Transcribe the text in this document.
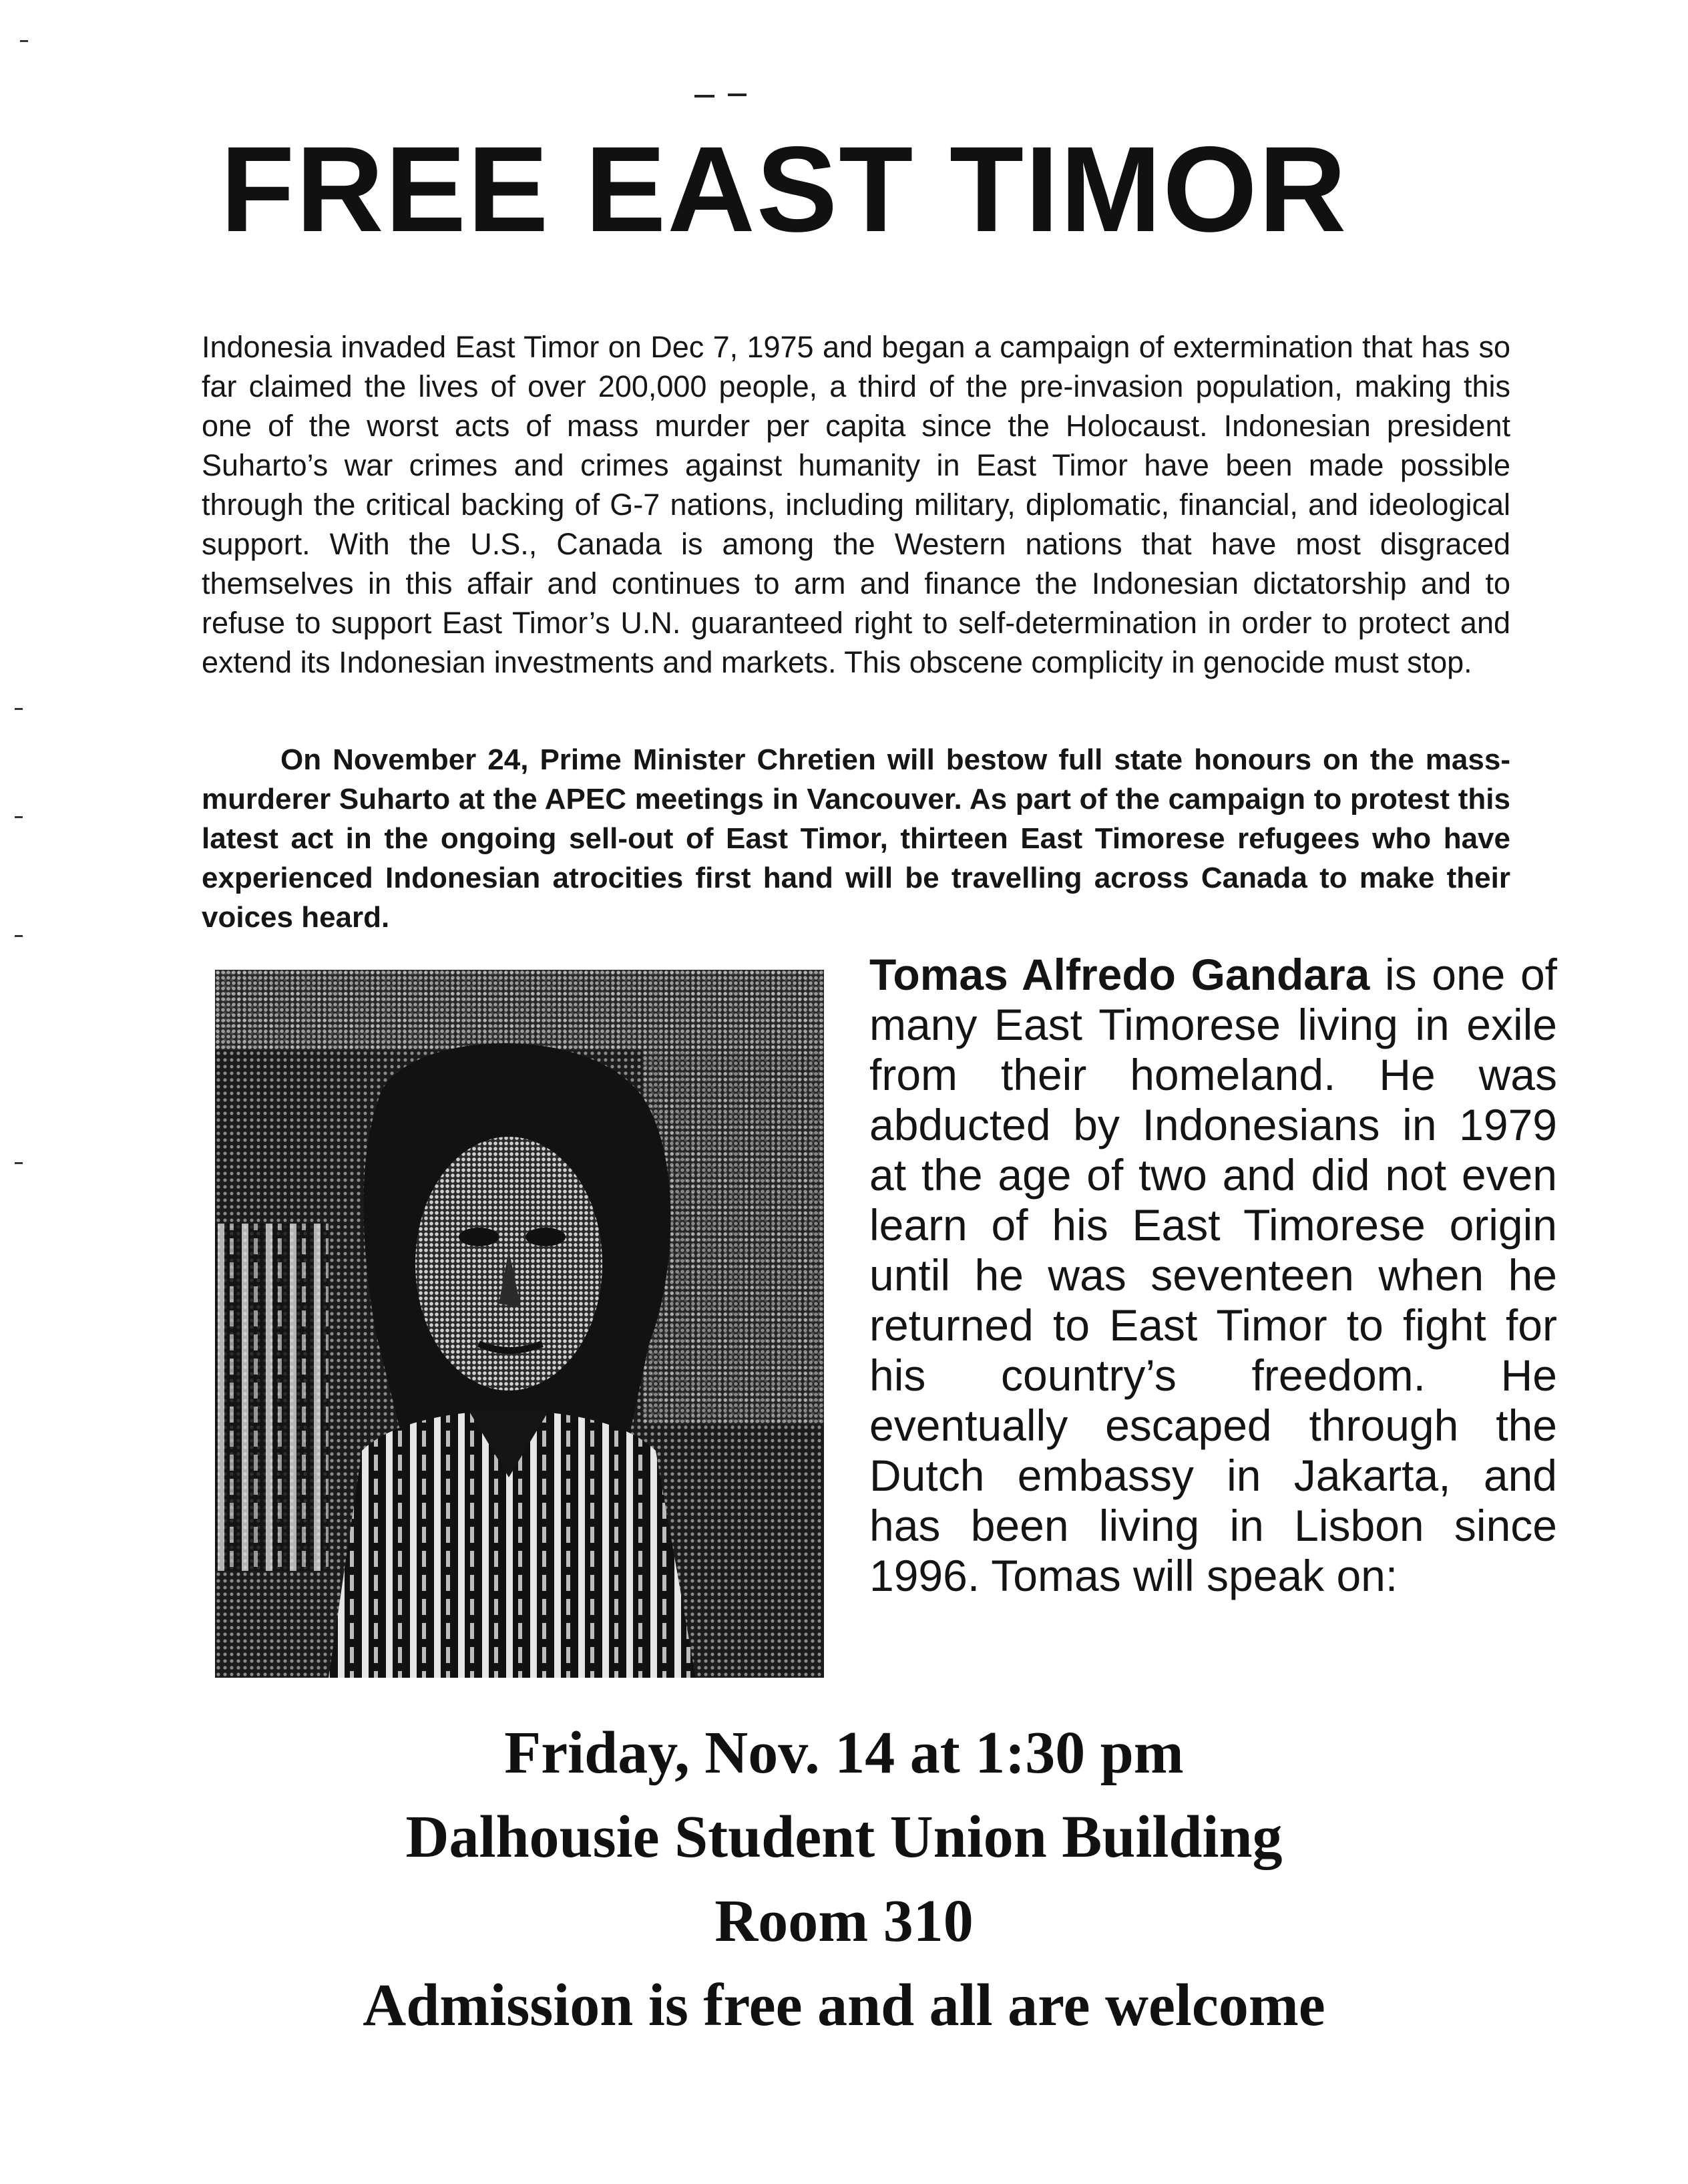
FREE EAST TIMOR

Indonesia invaded East Timor on Dec 7, 1975 and began a campaign of extermination that has so far claimed the lives of over 200,000 people, a third of the pre-invasion population, making this one of the worst acts of mass murder per capita since the Holocaust. Indonesian president Suharto’s war crimes and crimes against humanity in East Timor have been made possible through the critical backing of G-7 nations, including military, diplomatic, financial, and ideological support. With the U.S., Canada is among the Western nations that have most disgraced themselves in this affair and continues to arm and finance the Indonesian dictatorship and to refuse to support East Timor’s U.N. guaranteed right to self-determination in order to protect and extend its Indonesian investments and markets. This obscene complicity in genocide must stop.

On November 24, Prime Minister Chretien will bestow full state honours on the mass-murderer Suharto at the APEC meetings in Vancouver. As part of the campaign to protest this latest act in the ongoing sell-out of East Timor, thirteen East Timorese refugees who have experienced Indonesian atrocities first hand will be travelling across Canada to make their voices heard.

Tomas Alfredo Gandara is one of many East Timorese living in exile from their homeland. He was abducted by Indonesians in 1979 at the age of two and did not even learn of his East Timorese origin until he was seventeen when he returned to East Timor to fight for his country’s freedom. He eventually escaped through the Dutch embassy in Jakarta, and has been living in Lisbon since 1996. Tomas will speak on:

Friday, Nov. 14 at 1:30 pm

Dalhousie Student Union Building

Room 310

Admission is free and all are welcome
